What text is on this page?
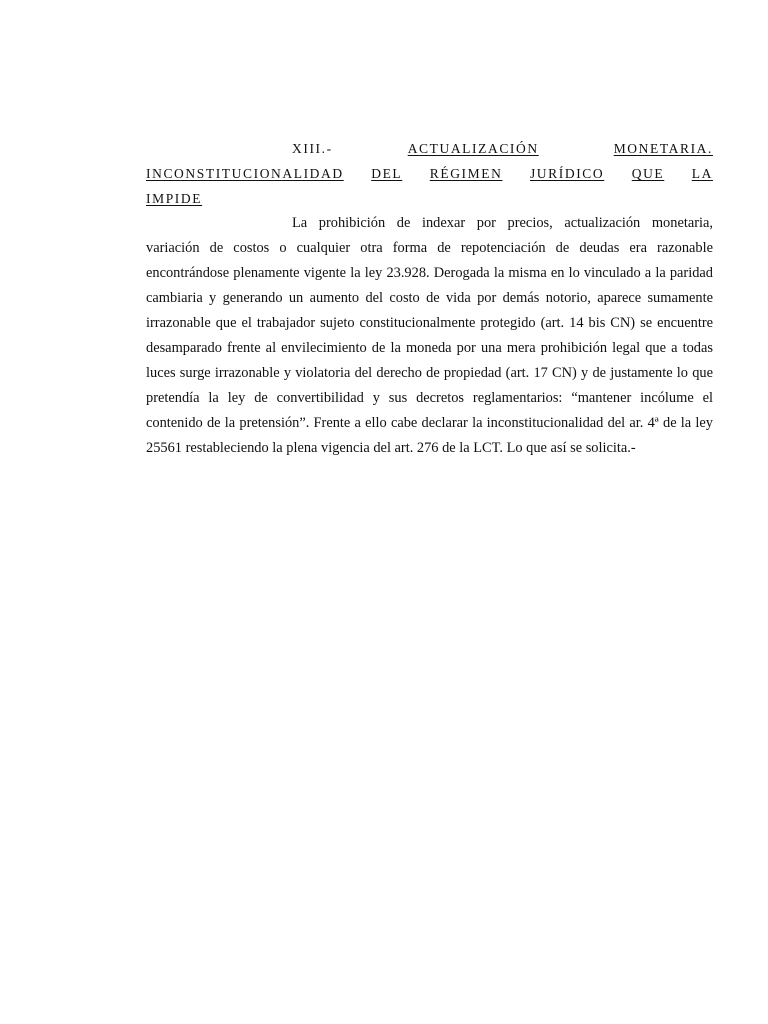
XIII.-	ACTUALIZACIÓN	MONETARIA.
INCONSTITUCIONALIDAD DEL RÉGIMEN JURÍDICO QUE LA
IMPIDE

La prohibición de indexar por precios, actualización monetaria, variación de costos o cualquier otra forma de repotenciación de deudas era razonable encontrándose plenamente vigente la ley 23.928. Derogada la misma en lo vinculado a la paridad cambiaria y generando un aumento del costo de vida por demás notorio, aparece sumamente irrazonable que el trabajador sujeto constitucionalmente protegido (art. 14 bis CN) se encuentre desamparado frente al envilecimiento de la moneda por una mera prohibición legal que a todas luces surge irrazonable y violatoria del derecho de propiedad (art. 17 CN) y de justamente lo que pretendía la ley de convertibilidad y sus decretos reglamentarios: “mantener incólume el contenido de la pretensión”. Frente a ello cabe declarar la inconstitucionalidad del ar. 4ª de la ley 25561 restableciendo la plena vigencia del art. 276 de la LCT. Lo que así se solicita.-
